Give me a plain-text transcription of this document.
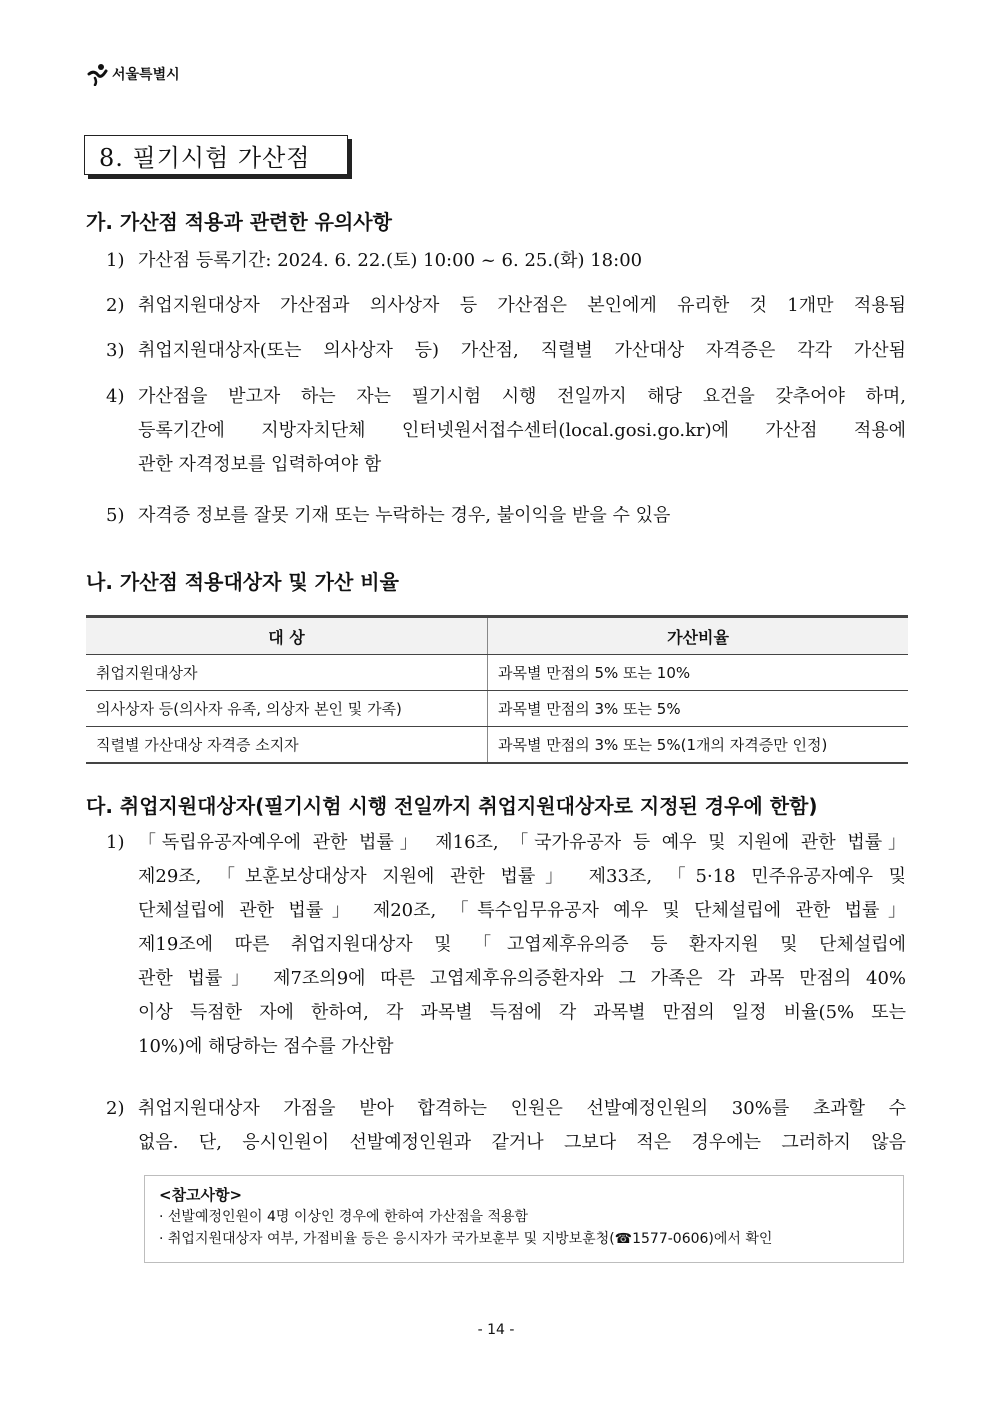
서울특별시
8. 필기시험 가산점
가. 가산점 적용과 관련한 유의사항
1) 가산점 등록기간: 2024. 6. 22.(토) 10:00 ~ 6. 25.(화) 18:00
2) 취업지원대상자 가산점과 의사상자 등 가산점은 본인에게 유리한 것 1개만 적용됨
3) 취업지원대상자(또는 의사상자 등) 가산점, 직렬별 가산대상 자격증은 각각 가산됨
4) 가산점을 받고자 하는 자는 필기시험 시행 전일까지 해당 요건을 갖추어야 하며,
등록기간에 지방자치단체 인터넷원서접수센터(local.gosi.go.kr)에 가산점 적용에
관한 자격정보를 입력하여야 함
5) 자격증 정보를 잘못 기재 또는 누락하는 경우, 불이익을 받을 수 있음
나. 가산점 적용대상자 및 가산 비율
대 상	가산비율
취업지원대상자	과목별 만점의 5% 또는 10%
의사상자 등(의사자 유족, 의상자 본인 및 가족)	과목별 만점의 3% 또는 5%
직렬별 가산대상 자격증 소지자	과목별 만점의 3% 또는 5%(1개의 자격증만 인정)
다. 취업지원대상자(필기시험 시행 전일까지 취업지원대상자로 지정된 경우에 한함)
1) 「독립유공자예우에 관한 법률」 제16조, 「국가유공자 등 예우 및 지원에 관한 법률」
제29조, 「보훈보상대상자 지원에 관한 법률」 제33조, 「5·18 민주유공자예우 및
단체설립에 관한 법률」 제20조, 「특수임무유공자 예우 및 단체설립에 관한 법률」
제19조에 따른 취업지원대상자 및 「고엽제후유의증 등 환자지원 및 단체설립에
관한 법률」 제7조의9에 따른 고엽제후유의증환자와 그 가족은 각 과목 만점의 40%
이상 득점한 자에 한하여, 각 과목별 득점에 각 과목별 만점의 일정 비율(5% 또는
10%)에 해당하는 점수를 가산함
2) 취업지원대상자 가점을 받아 합격하는 인원은 선발예정인원의 30%를 초과할 수
없음. 단, 응시인원이 선발예정인원과 같거나 그보다 적은 경우에는 그러하지 않음
<참고사항>
· 선발예정인원이 4명 이상인 경우에 한하여 가산점을 적용함
· 취업지원대상자 여부, 가점비율 등은 응시자가 국가보훈부 및 지방보훈청(☎1577-0606)에서 확인
- 14 -
